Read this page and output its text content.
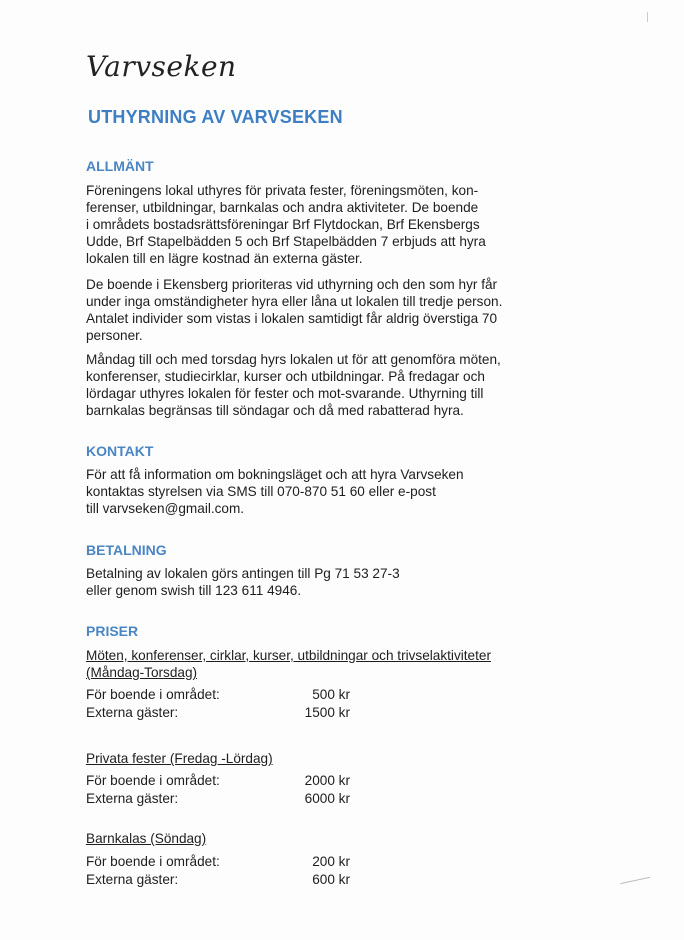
Varvseken
UTHYRNING AV VARVSEKEN
ALLMÄNT
Föreningens lokal uthyres för privata fester, föreningsmöten, kon-
ferenser, utbildningar, barnkalas och andra aktiviteter. De boende
i områdets bostadsrättsföreningar Brf Flytdockan, Brf Ekensbergs
Udde, Brf Stapelbädden 5 och Brf Stapelbädden 7 erbjuds att hyra
lokalen till en lägre kostnad än externa gäster.
De boende i Ekensberg prioriteras vid uthyrning och den som hyr får
under inga omständigheter hyra eller låna ut lokalen till tredje person.
Antalet individer som vistas i lokalen samtidigt får aldrig överstiga 70
personer.
Måndag till och med torsdag hyrs lokalen ut för att genomföra möten,
konferenser, studiecirklar, kurser och utbildningar. På fredagar och
lördagar uthyres lokalen för fester och mot-svarande. Uthyrning till
barnkalas begränsas till söndagar och då med rabatterad hyra.
KONTAKT
För att få information om bokningsläget och att hyra Varvseken
kontaktas styrelsen via SMS till 070-870 51 60 eller e-post
till varvseken@gmail.com.
BETALNING
Betalning av lokalen görs antingen till Pg 71 53 27-3
eller genom swish till 123 611 4946.
PRISER
Möten, konferenser, cirklar, kurser, utbildningar och trivselaktiviteter
(Måndag-Torsdag)
För boende i området:	500 kr
Externa gäster:	1500 kr
Privata fester (Fredag -Lördag)
För boende i området:	2000 kr
Externa gäster:	6000 kr
Barnkalas (Söndag)
För boende i området:	200 kr
Externa gäster:	600 kr
